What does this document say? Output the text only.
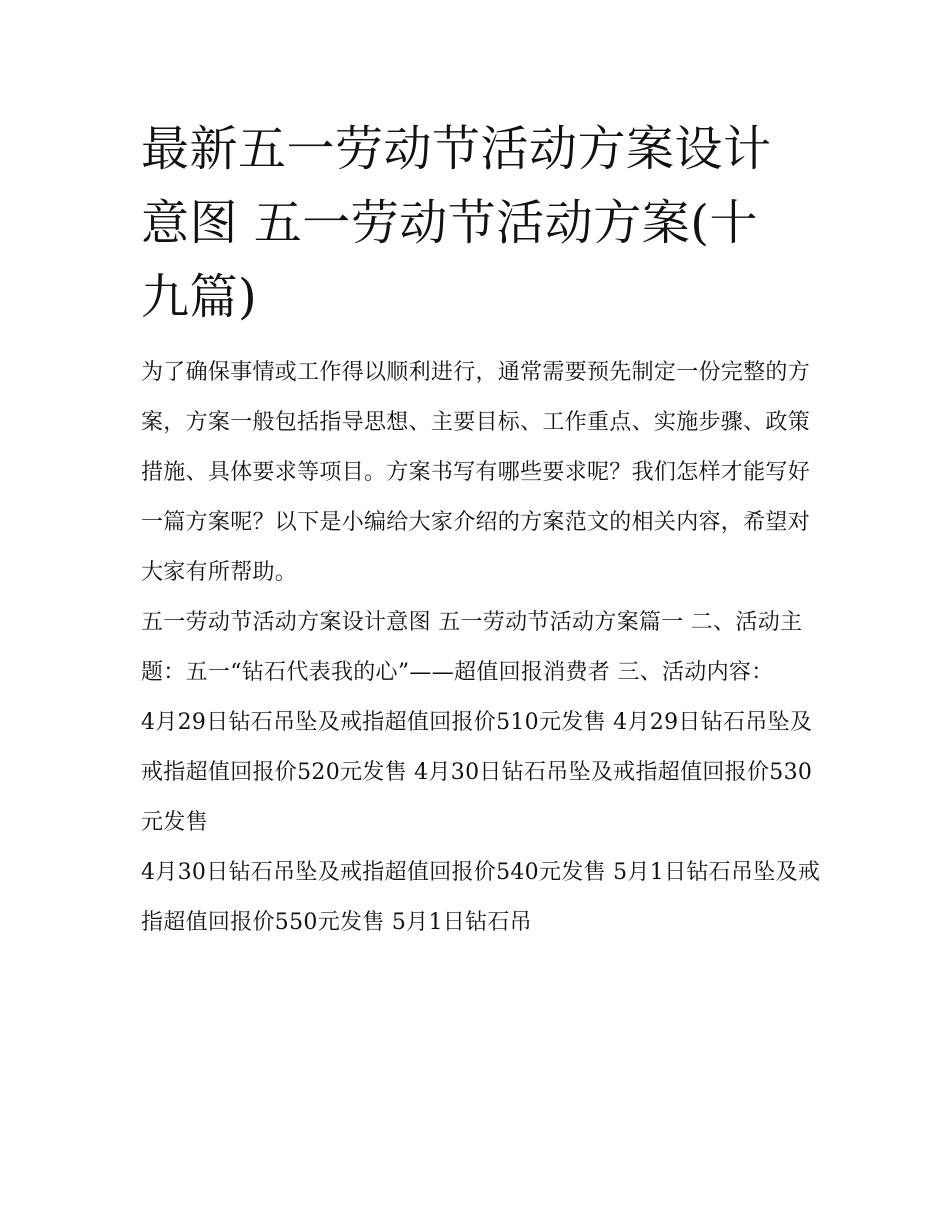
最新五一劳动节活动方案设计意图 五一劳动节活动方案(十九篇)

为了确保事情或工作得以顺利进行，通常需要预先制定一份完整的方案，方案一般包括指导思想、主要目标、工作重点、实施步骤、政策措施、具体要求等项目。方案书写有哪些要求呢？我们怎样才能写好一篇方案呢？以下是小编给大家介绍的方案范文的相关内容，希望对大家有所帮助。

五一劳动节活动方案设计意图 五一劳动节活动方案篇一 二、活动主题：五一“钻石代表我的心”——超值回报消费者 三、活动内容：

4月29日钻石吊坠及戒指超值回报价510元发售 4月29日钻石吊坠及戒指超值回报价520元发售 4月30日钻石吊坠及戒指超值回报价530元发售

4月30日钻石吊坠及戒指超值回报价540元发售 5月1日钻石吊坠及戒指超值回报价550元发售 5月1日钻石吊
